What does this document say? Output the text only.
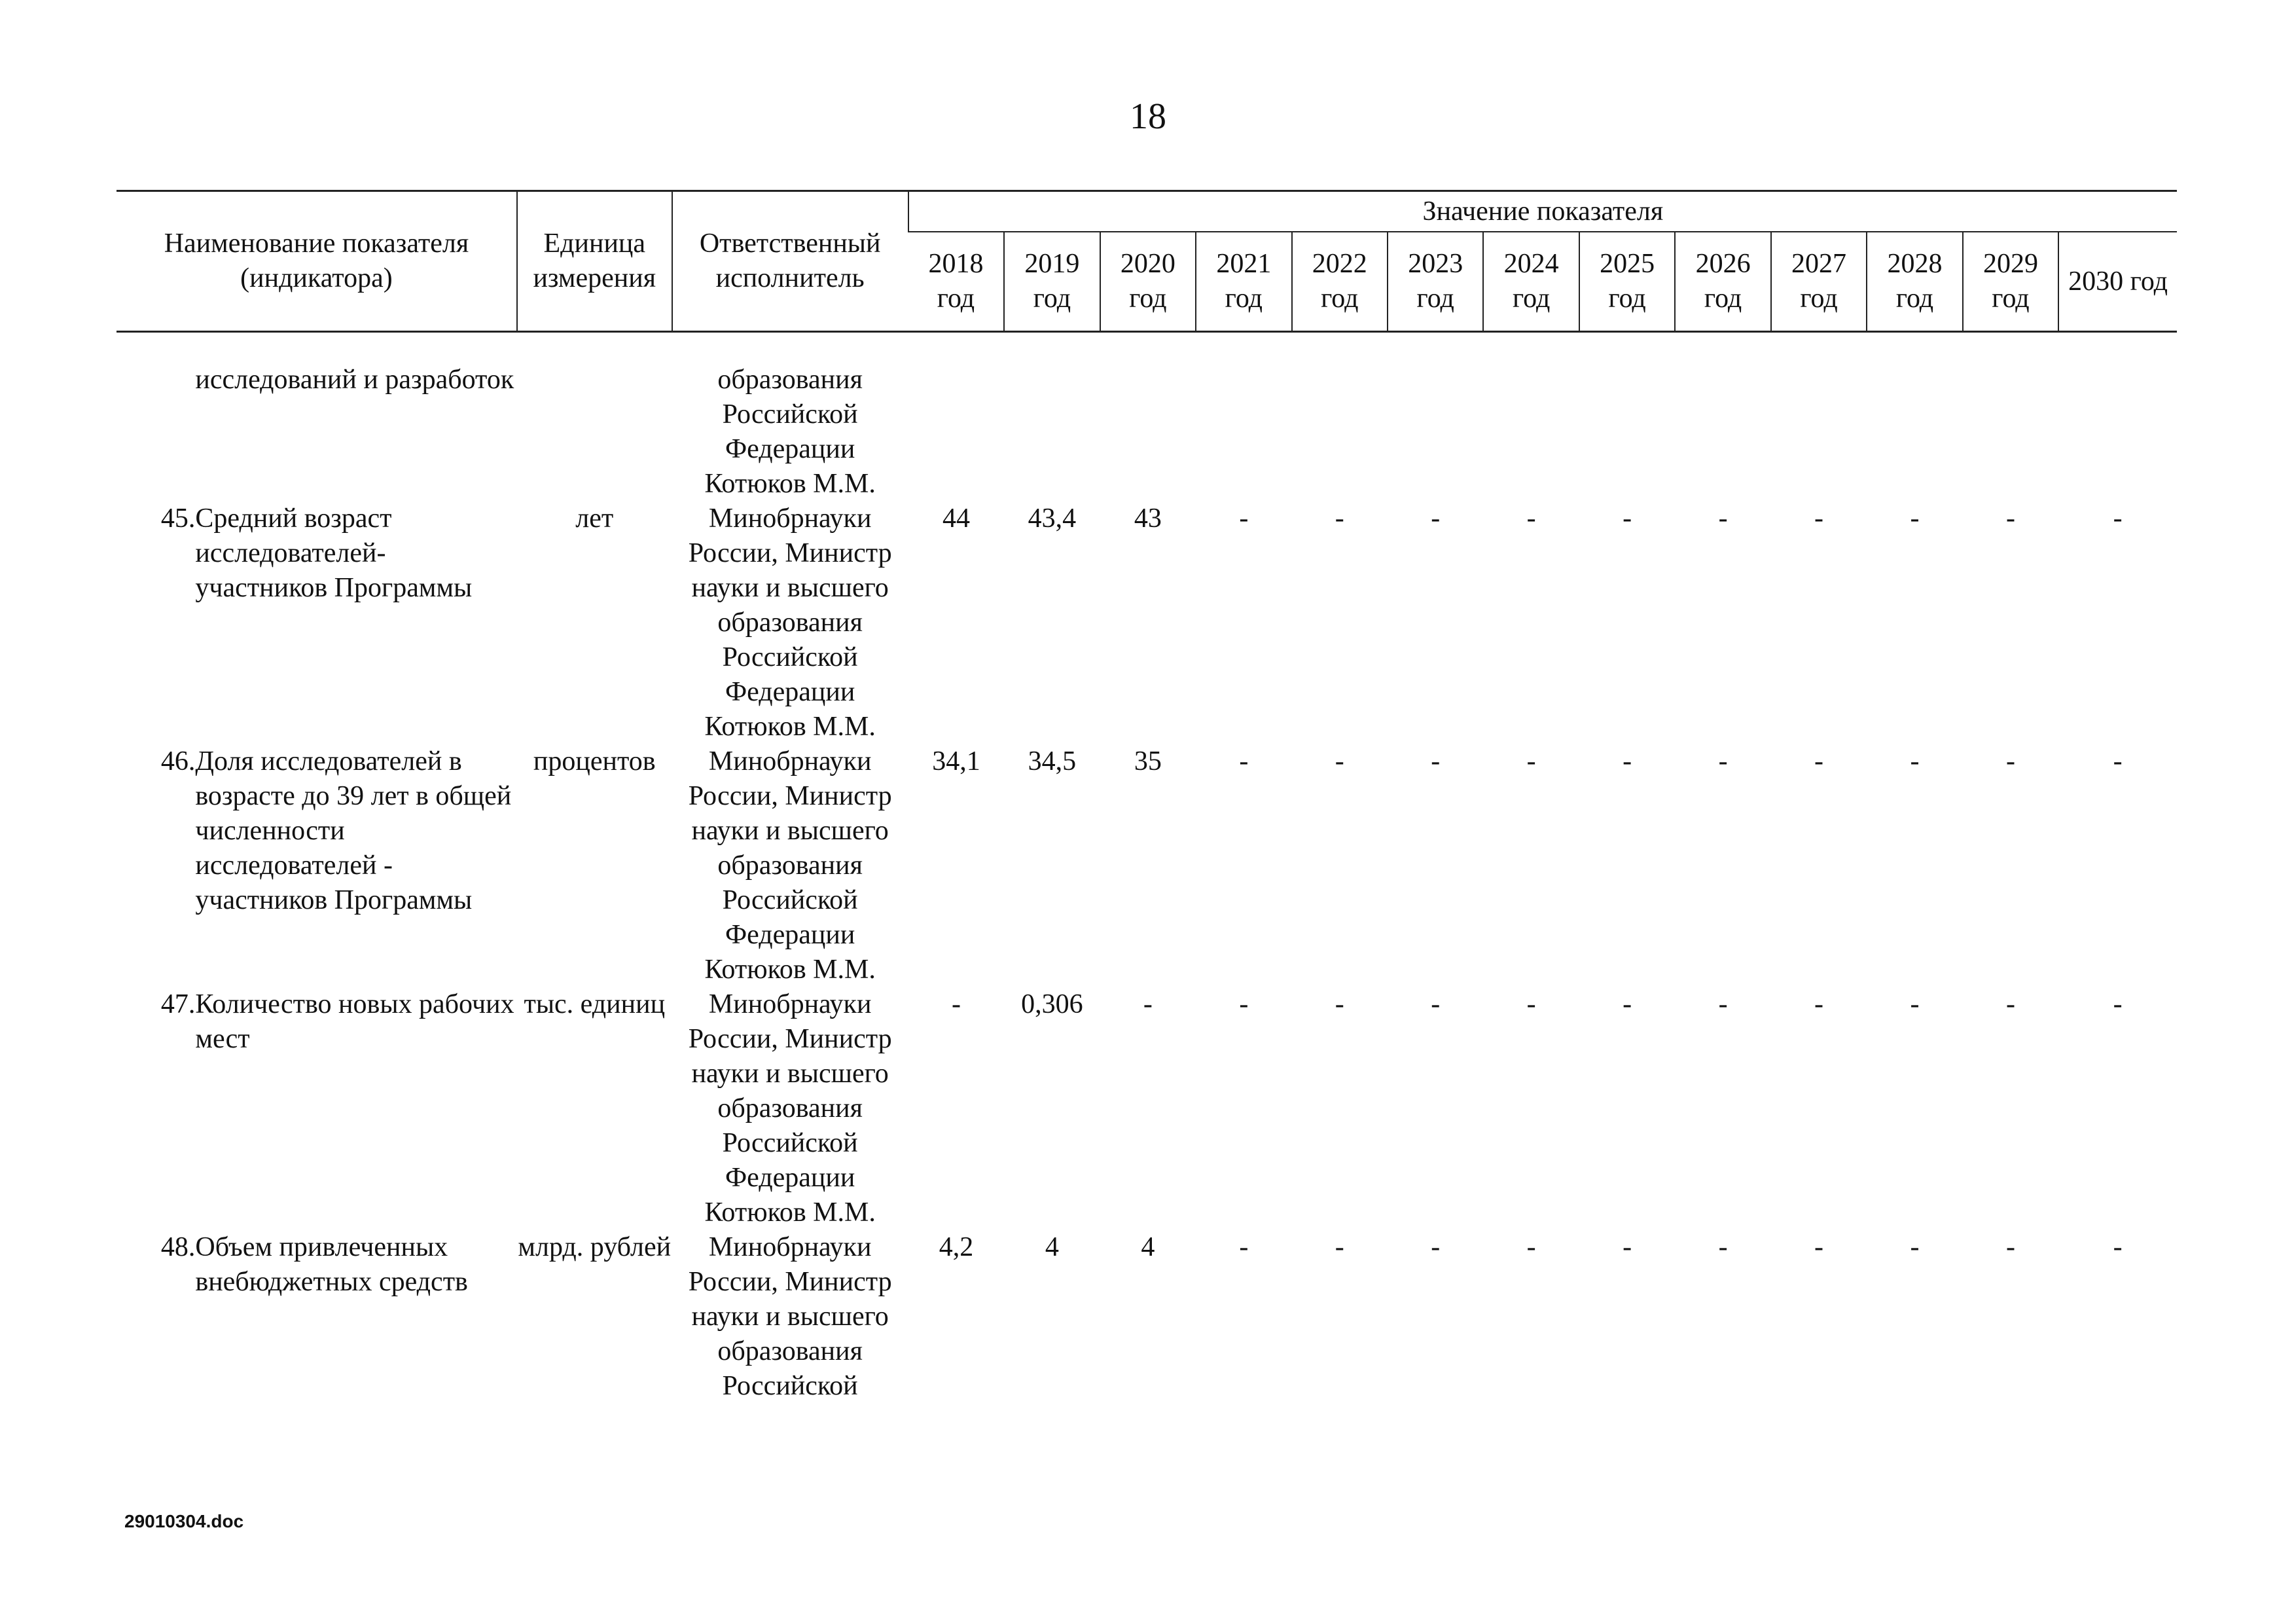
18
Наименование показателя (индикатора)		Единица измерения	Ответственный исполнитель	Значение показателя												
				2018 год	2019 год	2020 год	2021 год	2022 год	2023 год	2024 год	2025 год	2026 год	2027 год	2028 год	2029 год	2030 год

	исследований и разработок		образования Российской Федерации Котюков М.М.													
45.	Средний возраст исследователей-участников Программы	лет	Минобрнауки России, Министр науки и высшего образования Российской Федерации Котюков М.М.	44	43,4	43	-	-	-	-	-	-	-	-	-	-
46.	Доля исследователей в возрасте до 39 лет в общей численности исследователей - участников Программы	процентов	Минобрнауки России, Министр науки и высшего образования Российской Федерации Котюков М.М.	34,1	34,5	35	-	-	-	-	-	-	-	-	-	-
47.	Количество новых рабочих мест	тыс. единиц	Минобрнауки России, Министр науки и высшего образования Российской Федерации Котюков М.М.	-	0,306	-	-	-	-	-	-	-	-	-	-	-
48.	Объем привлеченных внебюджетных средств	млрд. рублей	Минобрнауки России, Министр науки и высшего образования Российской	4,2	4	4	-	-	-	-	-	-	-	-	-	-
29010304.doc
